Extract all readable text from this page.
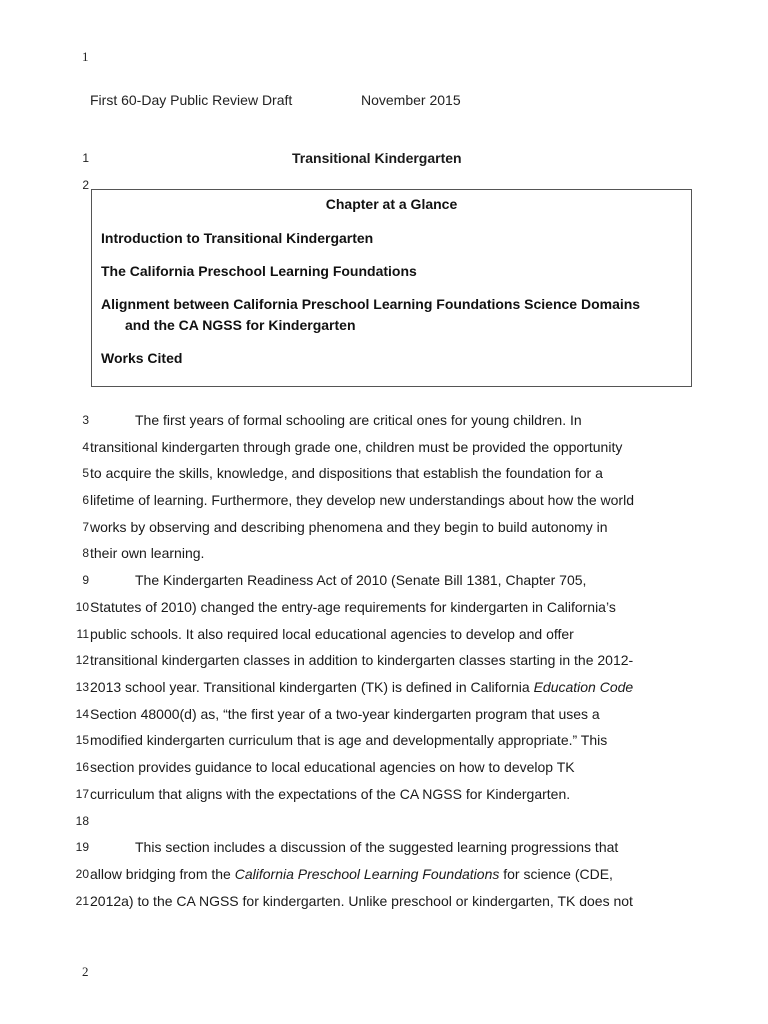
1
First 60-Day Public Review Draft	November 2015
1	Transitional Kindergarten
2
Chapter at a Glance
Introduction to Transitional Kindergarten
The California Preschool Learning Foundations
Alignment between California Preschool Learning Foundations Science Domains
and the CA NGSS for Kindergarten
Works Cited
3	The first years of formal schooling are critical ones for young children. In
4 transitional kindergarten through grade one, children must be provided the opportunity
5 to acquire the skills, knowledge, and dispositions that establish the foundation for a
6 lifetime of learning. Furthermore, they develop new understandings about how the world
7 works by observing and describing phenomena and they begin to build autonomy in
8 their own learning.
9	The Kindergarten Readiness Act of 2010 (Senate Bill 1381, Chapter 705,
10 Statutes of 2010) changed the entry-age requirements for kindergarten in California’s
11 public schools. It also required local educational agencies to develop and offer
12 transitional kindergarten classes in addition to kindergarten classes starting in the 2012-
13 2013 school year. Transitional kindergarten (TK) is defined in California Education Code
14 Section 48000(d) as, “the first year of a two-year kindergarten program that uses a
15 modified kindergarten curriculum that is age and developmentally appropriate.” This
16 section provides guidance to local educational agencies on how to develop TK
17 curriculum that aligns with the expectations of the CA NGSS for Kindergarten.
18
19	This section includes a discussion of the suggested learning progressions that
20 allow bridging from the California Preschool Learning Foundations for science (CDE,
21 2012a) to the CA NGSS for kindergarten. Unlike preschool or kindergarten, TK does not
2
